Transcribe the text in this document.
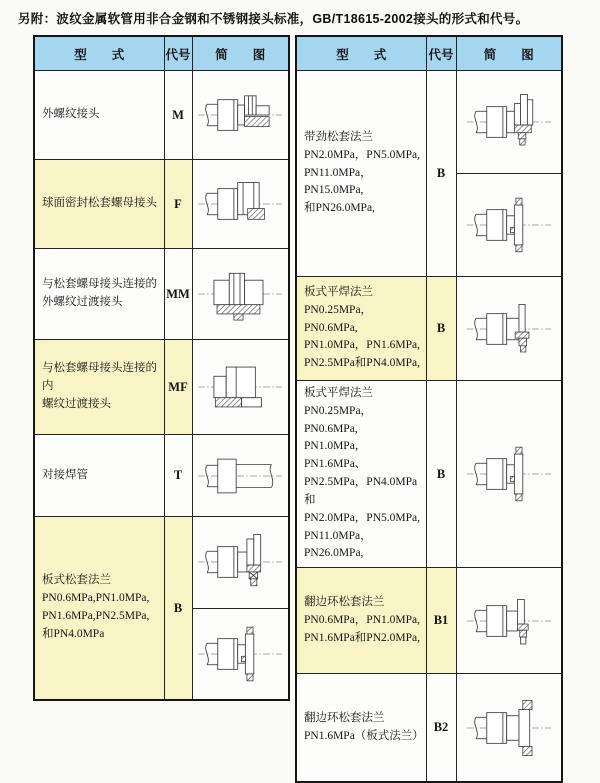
另附：波纹金属软管用非合金钢和不锈钢接头标准，GB/T18615-2002接头的形式和代号。
型　　式	代号	简　　图

外螺纹接头	M	

球面密封松套螺母接头	F	

与松套螺母接头连接的
外螺纹过渡接头	MM	

与松套螺母接头连接的内
螺纹过渡接头	MF	

对接焊管	T	

板式松套法兰
PN0.6MPa,PN1.0MPa,
PN1.6MPa,PN2.5MPa,
和PN4.0MPa	B	
型　　式	代号	简　　图

带劲松套法兰
PN2.0MPa，PN5.0MPa,
PN11.0MPa，PN15.0MPa,
和PN26.0MPa,	B	

板式平焊法兰
PN0.25MPa，PN0.6MPa,
PN1.0MPa，PN1.6MPa,
PN2.5MPa和PN4.0MPa,	B	

板式平焊法兰
PN0.25MPa，PN0.6MPa,
PN1.0MPa，PN1.6MPa、
PN2.5MPa，PN4.0MPa和
PN2.0MPa，PN5.0MPa,
PN11.0MPa，PN26.0MPa,
	B	

翻边环松套法兰
PN0.6MPa，PN1.0MPa,
PN1.6MPa和PN2.0MPa,	B1	

翻边环松套法兰
PN1.6MPa（板式法兰）	B2	
